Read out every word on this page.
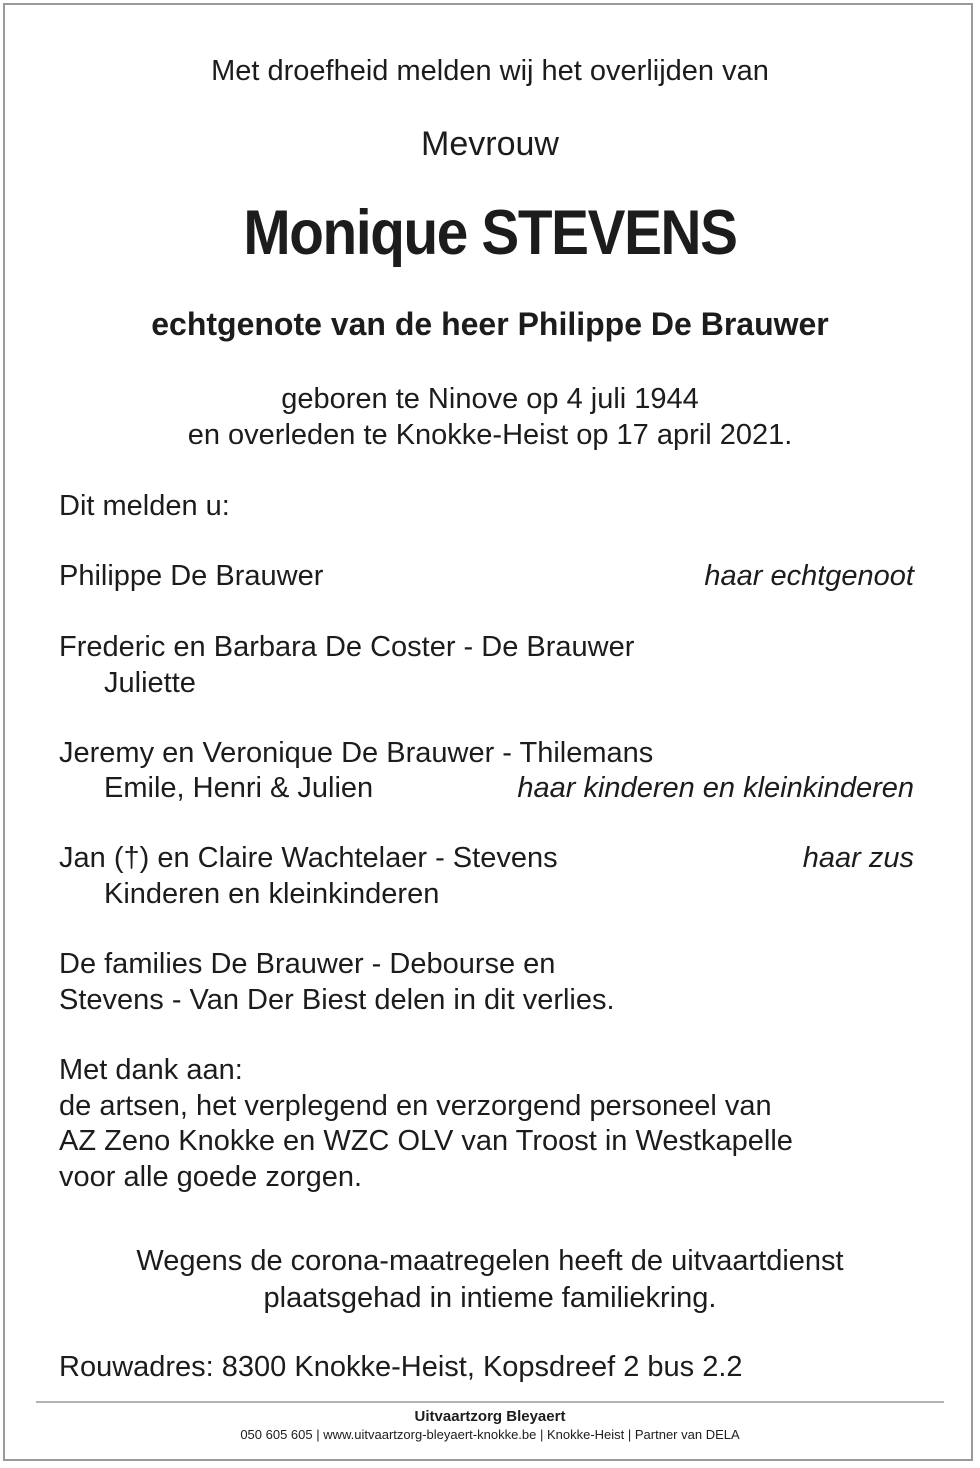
Met droefheid melden wij het overlijden van
Mevrouw
Monique STEVENS
echtgenote van de heer Philippe De Brauwer
geboren te Ninove op 4 juli 1944
en overleden te Knokke-Heist op 17 april 2021.
Dit melden u:
Philippe De Brauwer	haar echtgenoot
Frederic en Barbara De Coster - De Brauwer
Juliette
Jeremy en Veronique De Brauwer - Thilemans
Emile, Henri & Julien	haar kinderen en kleinkinderen
Jan (†) en Claire Wachtelaer - Stevens	haar zus
Kinderen en kleinkinderen
De families De Brauwer - Debourse en
Stevens - Van Der Biest delen in dit verlies.
Met dank aan:
de artsen, het verplegend en verzorgend personeel van
AZ Zeno Knokke en WZC OLV van Troost in Westkapelle
voor alle goede zorgen.
Wegens de corona-maatregelen heeft de uitvaartdienst
plaatsgehad in intieme familiekring.
Rouwadres: 8300 Knokke-Heist, Kopsdreef 2 bus 2.2
Uitvaartzorg Bleyaert
050 605 605 | www.uitvaartzorg-bleyaert-knokke.be | Knokke-Heist | Partner van DELA
